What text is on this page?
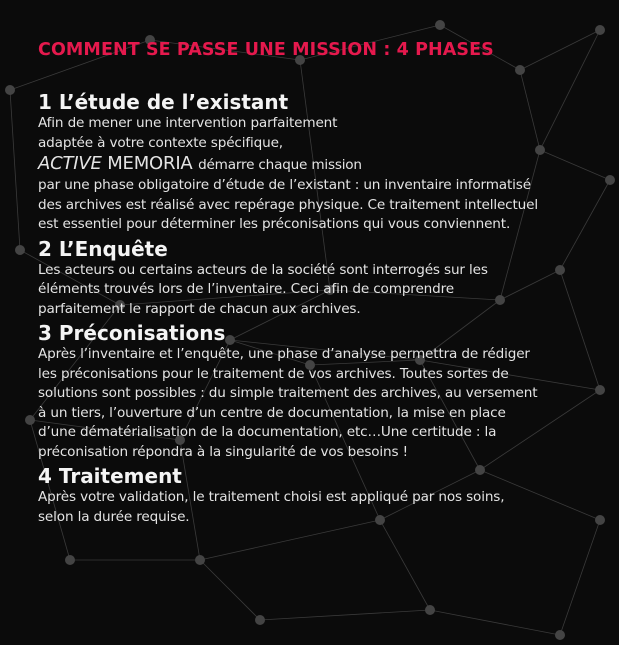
COMMENT SE PASSE UNE MISSION : 4 PHASES
1 L’étude de l’existant

Afin de mener une intervention parfaitement
adaptée à votre contexte spécifique,
ACTIVE MEMORIA démarre chaque mission
par une phase obligatoire d’étude de l’existant : un inventaire informatisé
des archives est réalisé avec repérage physique. Ce traitement intellectuel
est essentiel pour déterminer les préconisations qui vous conviennent.

2 L’Enquête

Les acteurs ou certains acteurs de la société sont interrogés sur les
éléments trouvés lors de l’inventaire. Ceci afin de comprendre
parfaitement le rapport de chacun aux archives.

3 Préconisations

Après l’inventaire et l’enquête, une phase d’analyse permettra de rédiger
les préconisations pour le traitement de vos archives. Toutes sortes de
solutions sont possibles : du simple traitement des archives, au versement
à un tiers, l’ouverture d’un centre de documentation, la mise en place
d’une dématérialisation de la documentation, etc…Une certitude : la
préconisation répondra à la singularité de vos besoins !

4 Traitement

Après votre validation, le traitement choisi est appliqué par nos soins,
selon la durée requise.
